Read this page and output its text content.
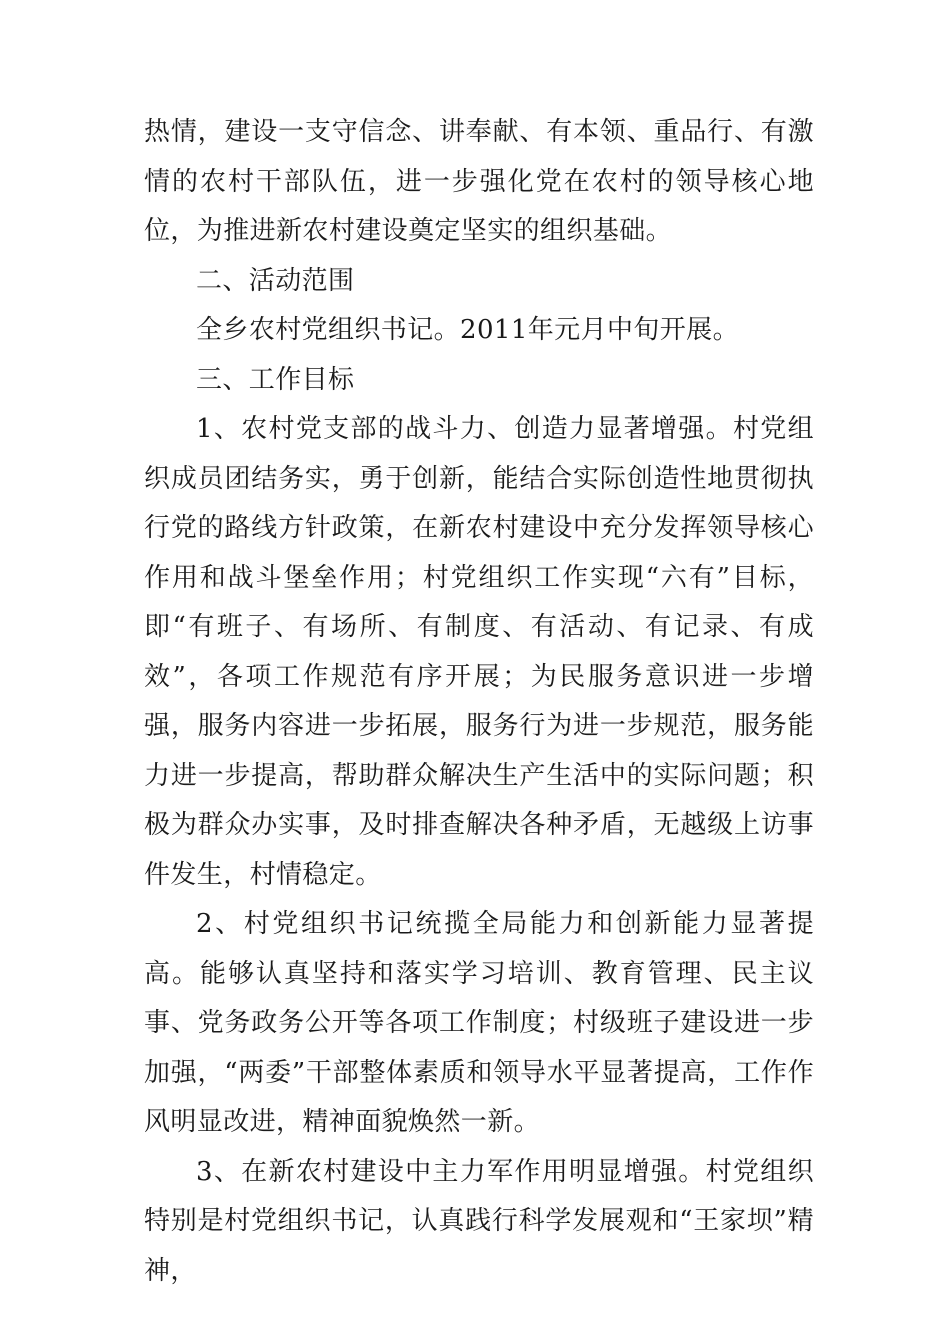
热情，建设一支守信念、讲奉献、有本领、重品行、有激情的农村干部队伍，进一步强化党在农村的领导核心地位，为推进新农村建设奠定坚实的组织基础。

二、活动范围

全乡农村党组织书记。2011年元月中旬开展。

三、工作目标

1、农村党支部的战斗力、创造力显著增强。村党组织成员团结务实，勇于创新，能结合实际创造性地贯彻执行党的路线方针政策，在新农村建设中充分发挥领导核心作用和战斗堡垒作用；村党组织工作实现“六有”目标，即“有班子、有场所、有制度、有活动、有记录、有成效”，各项工作规范有序开展；为民服务意识进一步增强，服务内容进一步拓展，服务行为进一步规范，服务能力进一步提高，帮助群众解决生产生活中的实际问题；积极为群众办实事，及时排查解决各种矛盾，无越级上访事件发生，村情稳定。

2、村党组织书记统揽全局能力和创新能力显著提高。能够认真坚持和落实学习培训、教育管理、民主议事、党务政务公开等各项工作制度；村级班子建设进一步加强，“两委”干部整体素质和领导水平显著提高，工作作风明显改进，精神面貌焕然一新。

3、在新农村建设中主力军作用明显增强。村党组织特别是村党组织书记，认真践行科学发展观和“王家坝”精神，
